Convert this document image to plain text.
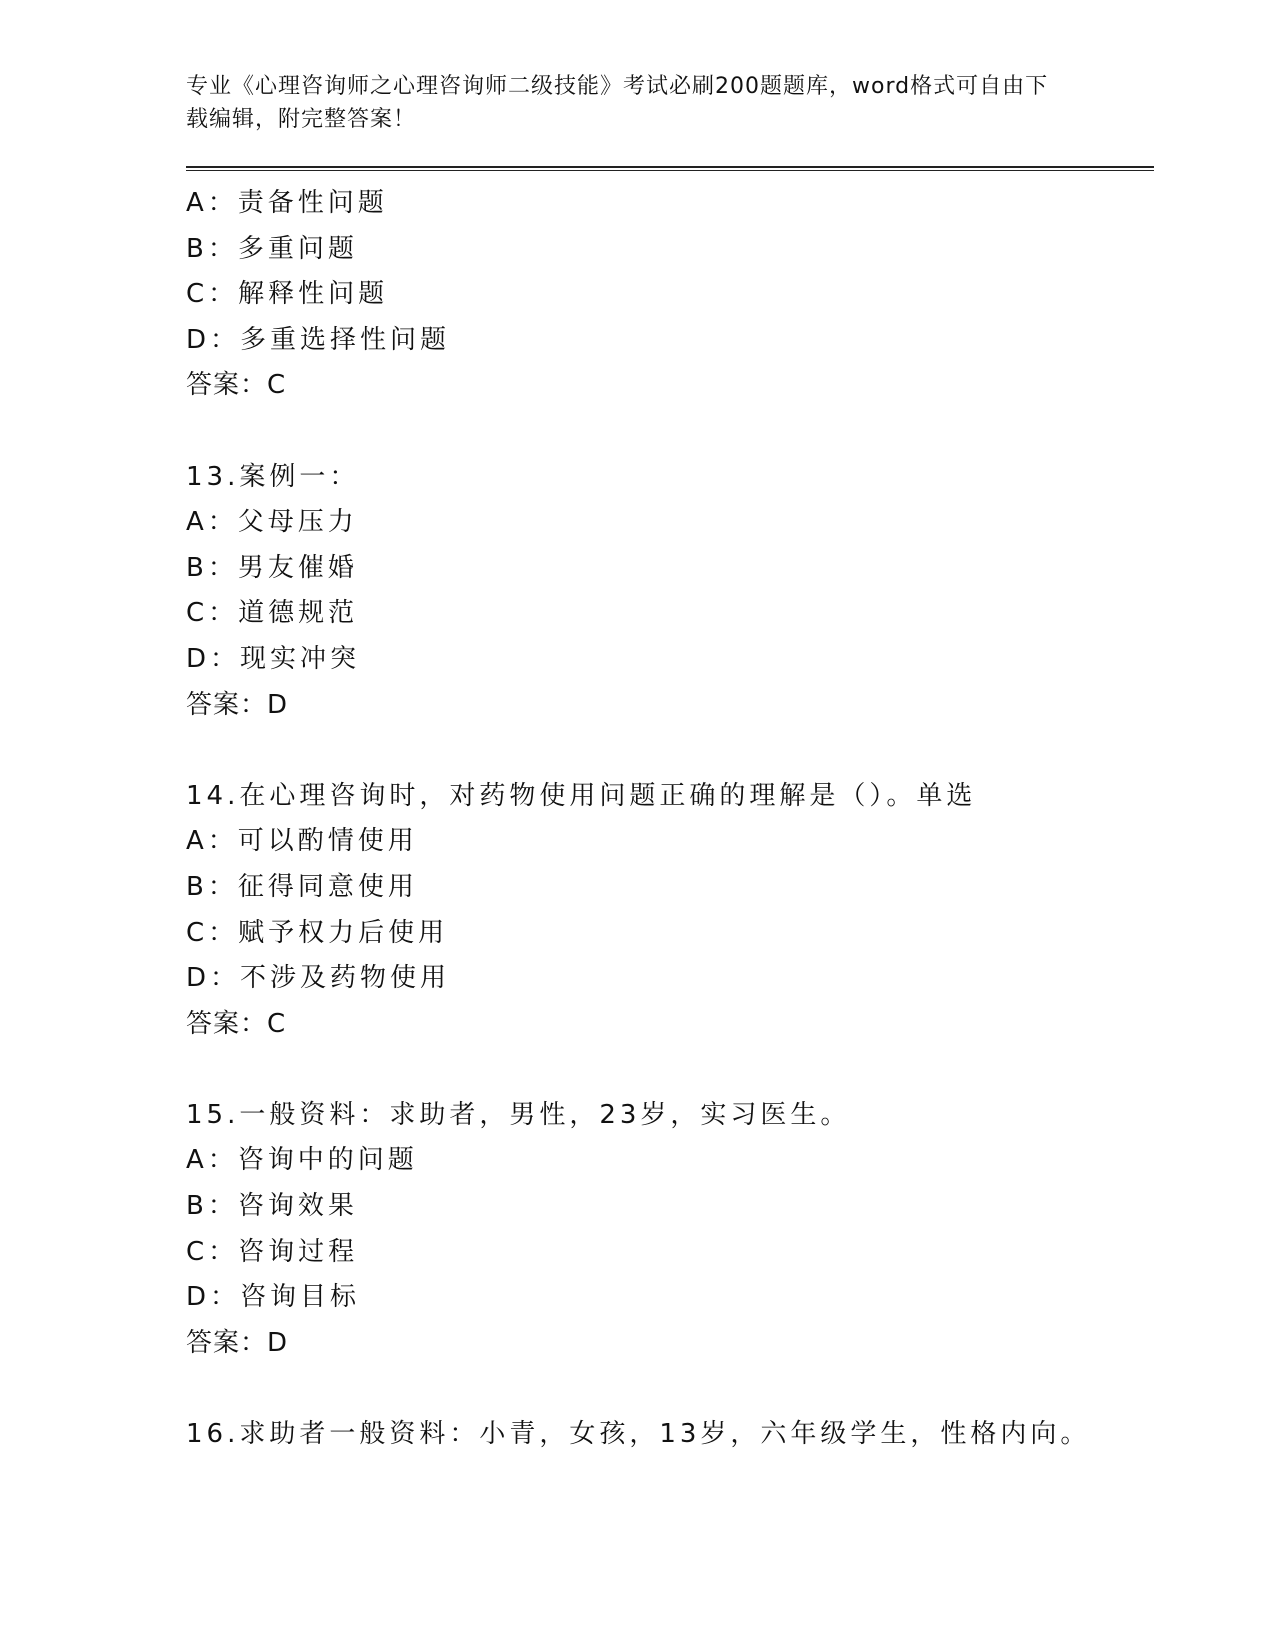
专业《心理咨询师之心理咨询师二级技能》考试必刷200题题库，word格式可自由下载编辑，附完整答案！

A：责备性问题
B：多重问题
C：解释性问题
D：多重选择性问题
答案：C
13.案例一：
A：父母压力
B：男友催婚
C：道德规范
D：现实冲突
答案：D
14.在心理咨询时，对药物使用问题正确的理解是（）。单选
A：可以酌情使用
B：征得同意使用
C：赋予权力后使用
D：不涉及药物使用
答案：C
15.一般资料：求助者，男性，23岁，实习医生。
A：咨询中的问题
B：咨询效果
C：咨询过程
D：咨询目标
答案：D
16.求助者一般资料：小青，女孩，13岁，六年级学生，性格内向。
